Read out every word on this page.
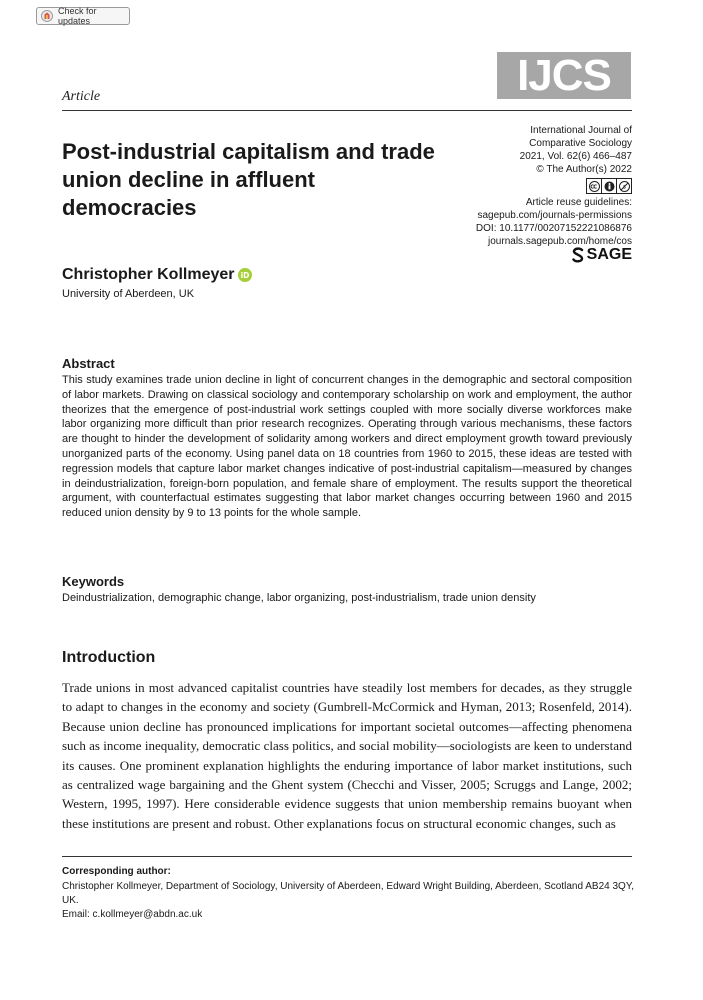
Check for updates
IJCS
Article
Post-industrial capitalism and trade union decline in affluent democracies
International Journal of
Comparative Sociology
2021, Vol. 62(6) 466–487
© The Author(s) 2022
$
Article reuse guidelines:
sagepub.com/journals-permissions
DOI: 10.1177/00207152221086876
journals.sagepub.com/home/cos
SAGE
Christopher Kollmeyer iD
University of Aberdeen, UK
Abstract

This study examines trade union decline in light of concurrent changes in the demographic and sectoral composition of labor markets. Drawing on classical sociology and contemporary scholarship on work and employment, the author theorizes that the emergence of post-industrial work settings coupled with more socially diverse workforces make labor organizing more difficult than prior research recognizes. Operating through various mechanisms, these factors are thought to hinder the development of solidarity among workers and direct employment growth toward previously unorganized parts of the economy. Using panel data on 18 countries from 1960 to 2015, these ideas are tested with regression models that capture labor market changes indicative of post-industrial capitalism—measured by changes in deindustrialization, foreign-born population, and female share of employment. The results support the theoretical argument, with counterfactual estimates suggesting that labor market changes occurring between 1960 and 2015 reduced union density by 9 to 13 points for the whole sample.

Keywords
Deindustrialization, demographic change, labor organizing, post-industrialism, trade union density
Introduction

Trade unions in most advanced capitalist countries have steadily lost members for decades, as they struggle to adapt to changes in the economy and society (Gumbrell-McCormick and Hyman, 2013; Rosenfeld, 2014). Because union decline has pronounced implications for important societal outcomes—affecting phenomena such as income inequality, democratic class politics, and social mobility—sociologists are keen to understand its causes. One prominent explanation highlights the enduring importance of labor market institutions, such as centralized wage bargaining and the Ghent system (Checchi and Visser, 2005; Scruggs and Lange, 2002; Western, 1995, 1997). Here considerable evidence suggests that union membership remains buoyant when these institutions are present and robust. Other explanations focus on structural economic changes, such as

Corresponding author:

Christopher Kollmeyer, Department of Sociology, University of Aberdeen, Edward Wright Building, Aberdeen, Scotland AB24 3QY, UK.

Email: c.kollmeyer@abdn.ac.uk
